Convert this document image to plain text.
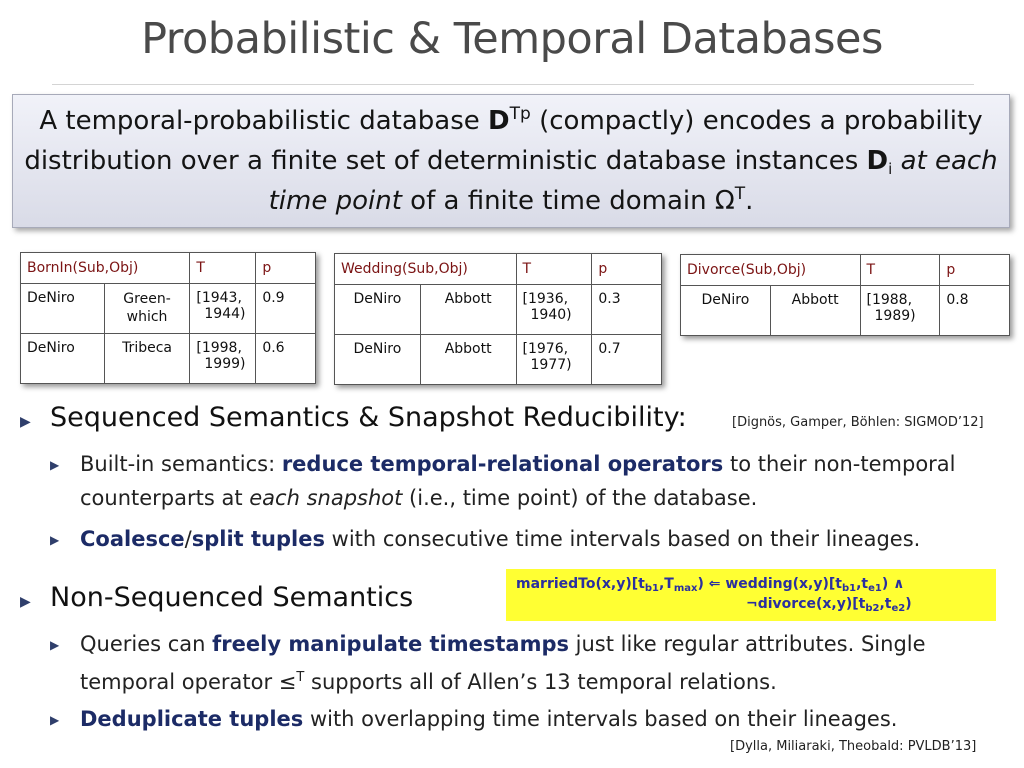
Probabilistic & Temporal Databases
A temporal-probabilistic database $D^{Tp}$ (compactly) encodes a probability distribution over a finite set of deterministic database instances $D_i$ at each time point of a finite time domain $\Omega^T$.
BornIn(Sub,Obj)		T	p
DeNiro	Green-which	[1943,
1944)	0.9
DeNiro	Tribeca	[1998,
1999)	0.6
Wedding(Sub,Obj)		T	p
DeNiro	Abbott	[1936,
1940)	0.3
DeNiro	Abbott	[1976,
1977)	0.7
Divorce(Sub,Obj)		T	p
DeNiro	Abbott	[1988,
1989)	0.8
▶ Sequenced Semantics & Snapshot Reducibility:	[Dignös, Gamper, Böhlen: SIGMOD’12]
▶ Built-in semantics: reduce temporal-relational operators to their non-temporal counterparts at each snapshot (i.e., time point) of the database.
▶ Coalesce/split tuples with consecutive time intervals based on their lineages.
▶ Non-Sequenced Semantics	$marriedTo(x,y)[t_{b1},T_{max})$ ⇐ $wedding(x,y)[t_{b1},t_{e1})$ ∧
$\neg divorce(x,y)[t_{b2},t_{e2})$
▶ Queries can freely manipulate timestamps just like regular attributes. Single temporal operator ≤$^T$ supports all of Allen’s 13 temporal relations.
▶ Deduplicate tuples with overlapping time intervals based on their lineages.
[Dylla, Miliaraki, Theobald: PVLDB’13]
